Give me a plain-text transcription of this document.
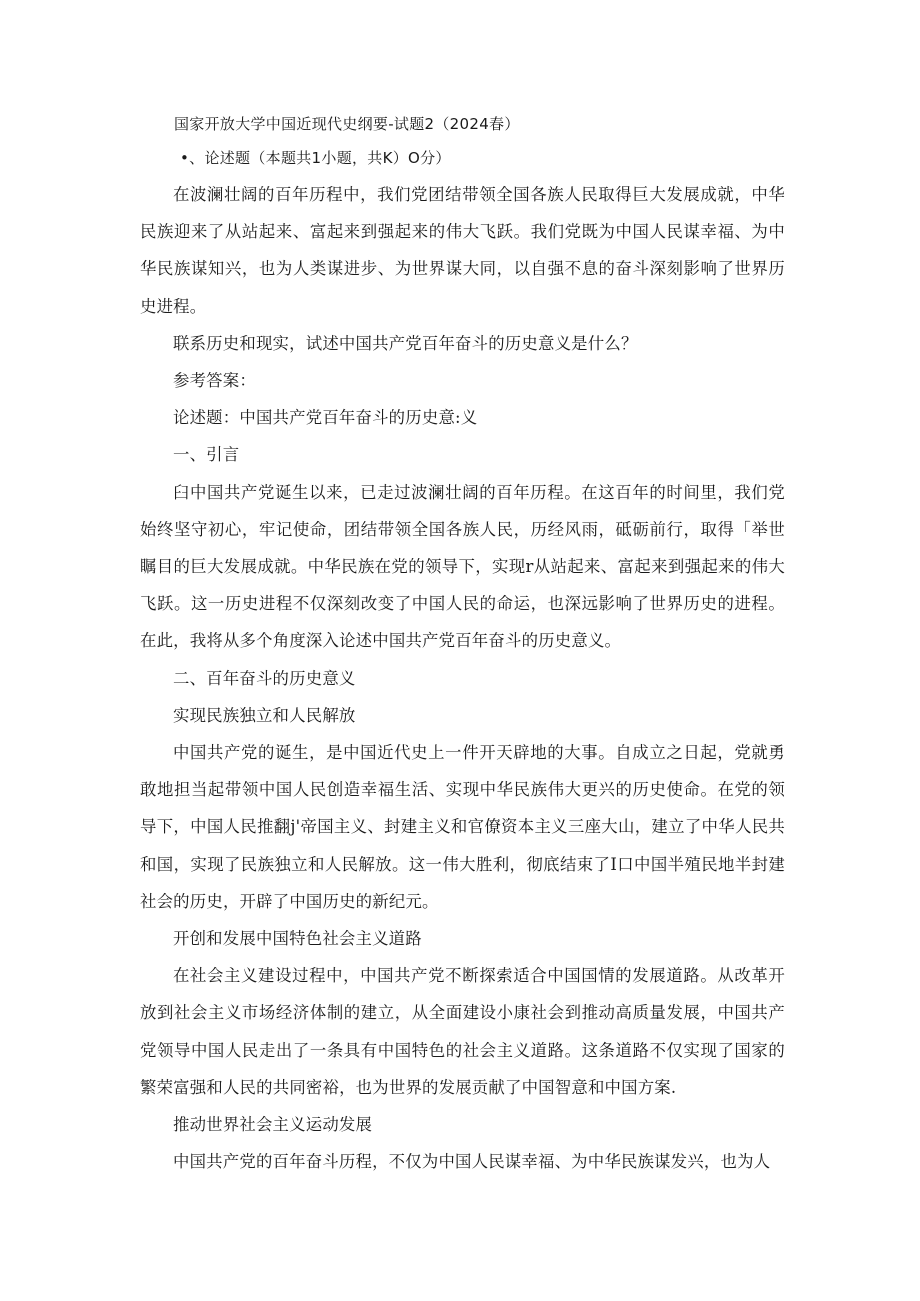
国家开放大学中国近现代史纲要-试题2（2024春）
•、论述题（本题共1小题，共K）O分）

在波澜壮阔的百年历程中，我们党团结带领全国各族人民取得巨大发展成就，中华民族迎来了从站起来、富起来到强起来的伟大飞跃。我们党既为中国人民谋幸福、为中华民族谋知兴，也为人类谋进步、为世界谋大同，以自强不息的奋斗深刻影响了世界历史进程。

联系历史和现实，试述中国共产党百年奋斗的历史意义是什么？

参考答案：

论述题：中国共产党百年奋斗的历史意:义

一、引言

臼中国共产党诞生以来，已走过波澜壮阔的百年历程。在这百年的时间里，我们党始终坚守初心，牢记使命，团结带领全国各族人民，历经风雨，砥砺前行，取得「举世瞩目的巨大发展成就。中华民族在党的领导下，实现r从站起来、富起来到强起来的伟大飞跃。这一历史进程不仅深刻改变了中国人民的命运，也深远影响了世界历史的进程。在此，我将从多个角度深入论述中国共产党百年奋斗的历史意义。

二、百年奋斗的历史意义

实现民族独立和人民解放

中国共产党的诞生，是中国近代史上一件开天辟地的大事。自成立之日起，党就勇敢地担当起带领中国人民创造幸福生活、实现中华民族伟大更兴的历史使命。在党的领导下，中国人民推翻j'帝国主义、封建主义和官僚资本主义三座大山，建立了中华人民共和国，实现了民族独立和人民解放。这一伟大胜利，彻底结束了I口中国半殖民地半封建社会的历史，开辟了中国历史的新纪元。

开创和发展中国特色社会主义道路

在社会主义建设过程中，中国共产党不断探索适合中国国情的发展道路。从改革开放到社会主义市场经济体制的建立，从全面建设小康社会到推动高质量发展，中国共产党领导中国人民走出了一条具有中国特色的社会主义道路。这条道路不仅实现了国家的繁荣富强和人民的共同密裕，也为世界的发展贡献了中国智意和中国方案.

推动世界社会主义运动发展

中国共产党的百年奋斗历程，不仅为中国人民谋幸福、为中华民族谋发兴，也为人
